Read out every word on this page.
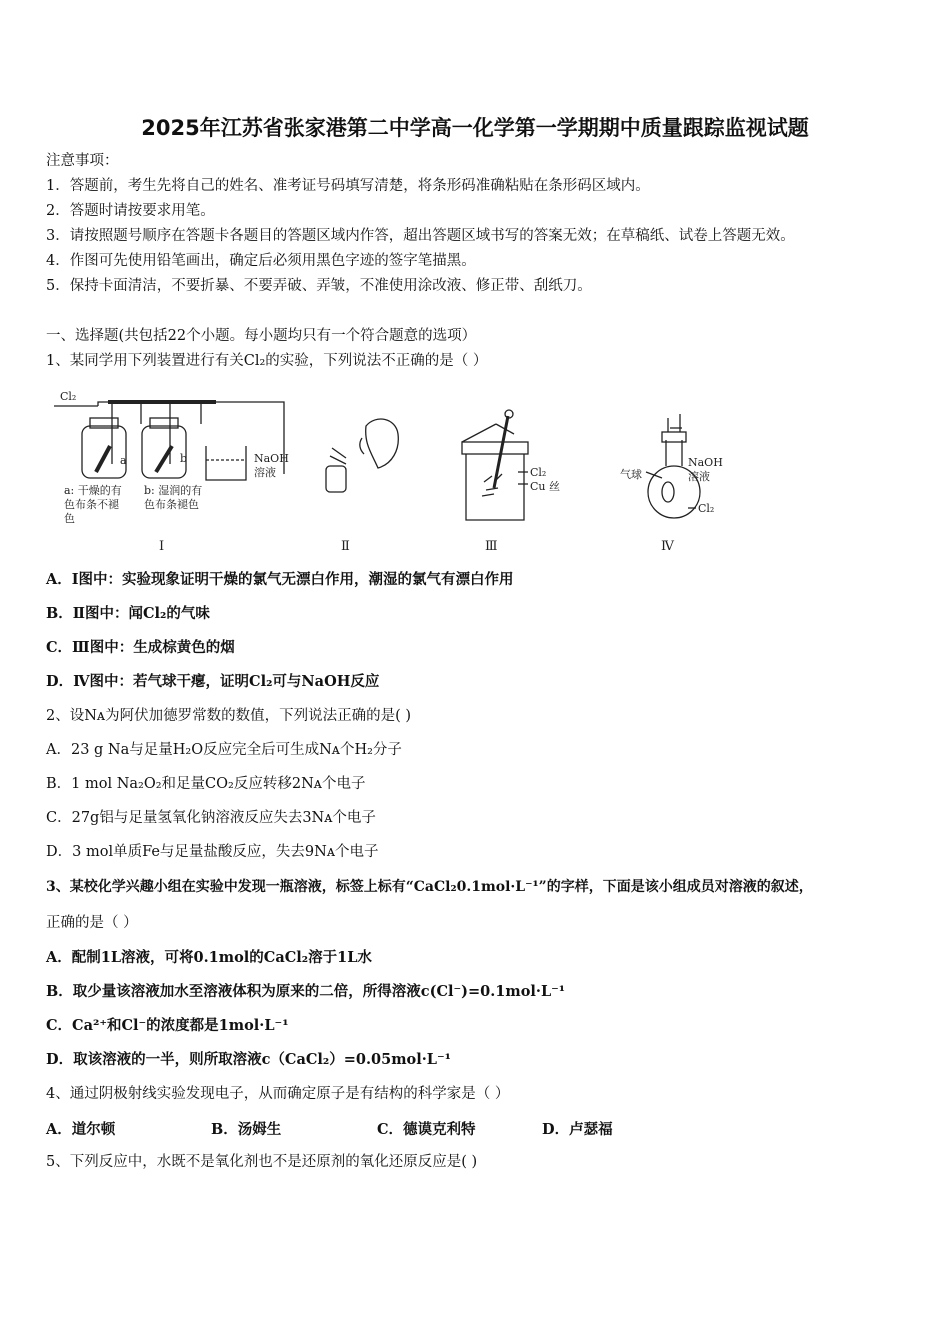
2025年江苏省张家港第二中学高一化学第一学期期中质量跟踪监视试题
注意事项：
1．答题前，考生先将自己的姓名、准考证号码填写清楚，将条形码准确粘贴在条形码区域内。
2．答题时请按要求用笔。
3．请按照题号顺序在答题卡各题目的答题区域内作答，超出答题区域书写的答案无效；在草稿纸、试卷上答题无效。
4．作图可先使用铅笔画出，确定后必须用黑色字迹的签字笔描黑。
5．保持卡面清洁，不要折暴、不要弄破、弄皱，不准使用涂改液、修正带、刮纸刀。
一、选择题(共包括22个小题。每小题均只有一个符合题意的选项）
1、某同学用下列装置进行有关Cl₂的实验，下列说法不正确的是（ ）
Cl₂
a	b	NaOH
溶液
a: 干燥的有
色布条不褪
色
b: 湿润的有
色布条褪色
Cl₂
Cu 丝
气球
NaOH
溶液
Cl₂
Ⅰ	Ⅱ	Ⅲ	Ⅳ
A．Ⅰ图中：实验现象证明干燥的氯气无漂白作用，潮湿的氯气有漂白作用
B．Ⅱ图中：闻Cl₂的气味
C．Ⅲ图中：生成棕黄色的烟
D．Ⅳ图中：若气球干瘪，证明Cl₂可与NaOH反应
2、设Nᴀ为阿伏加德罗常数的数值，下列说法正确的是( )
A．23 g Na与足量H₂O反应完全后可生成Nᴀ个H₂分子
B．1 mol Na₂O₂和足量CO₂反应转移2Nᴀ个电子
C．27g铝与足量氢氧化钠溶液反应失去3Nᴀ个电子
D．3 mol单质Fe与足量盐酸反应，失去9Nᴀ个电子
3、某校化学兴趣小组在实验中发现一瓶溶液，标签上标有“CaCl₂0.1mol·L⁻¹”的字样，下面是该小组成员对溶液的叙述，
正确的是（ ）
A．配制1L溶液，可将0.1mol的CaCl₂溶于1L水
B．取少量该溶液加水至溶液体积为原来的二倍，所得溶液c(Cl⁻)=0.1mol·L⁻¹
C．Ca²⁺和Cl⁻的浓度都是1mol·L⁻¹
D．取该溶液的一半，则所取溶液c（CaCl₂）=0.05mol·L⁻¹
4、通过阴极射线实验发现电子，从而确定原子是有结构的科学家是（ ）
A．道尔顿	B．汤姆生	C．德谟克利特	D．卢瑟福
5、下列反应中，水既不是氧化剂也不是还原剂的氧化还原反应是( )
